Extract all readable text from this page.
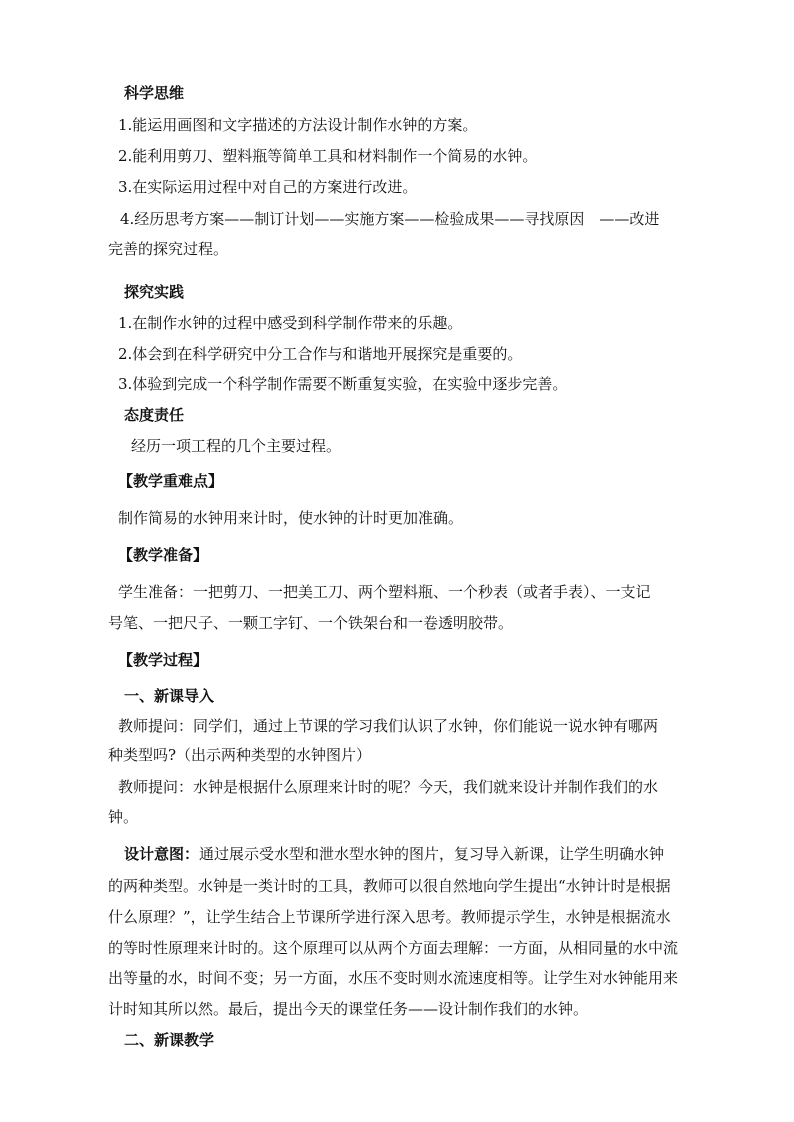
科学思维
1.能运用画图和文字描述的方法设计制作水钟的方案。
2.能利用剪刀、塑料瓶等简单工具和材料制作一个简易的水钟。
3.在实际运用过程中对自己的方案进行改进。
4.经历思考方案——制订计划——实施方案——检验成果——寻找原因　——改进
完善的探究过程。
探究实践
1.在制作水钟的过程中感受到科学制作带来的乐趣。
2.体会到在科学研究中分工合作与和谐地开展探究是重要的。
3.体验到完成一个科学制作需要不断重复实验，在实验中逐步完善。
态度责任
经历一项工程的几个主要过程。
【教学重难点】
制作简易的水钟用来计时，使水钟的计时更加准确。
【教学准备】
学生准备：一把剪刀、一把美工刀、两个塑料瓶、一个秒表（或者手表）、一支记
号笔、一把尺子、一颗工字钉、一个铁架台和一卷透明胶带。
【教学过程】
一、新课导入
教师提问：同学们，通过上节课的学习我们认识了水钟，你们能说一说水钟有哪两
种类型吗?（出示两种类型的水钟图片）
教师提问：水钟是根据什么原理来计时的呢？今天，我们就来设计并制作我们的水
钟。
设计意图：通过展示受水型和泄水型水钟的图片，复习导入新课，让学生明确水钟
的两种类型。水钟是一类计时的工具，教师可以很自然地向学生提出“水钟计时是根据
什么原理？”，让学生结合上节课所学进行深入思考。教师提示学生，水钟是根据流水
的等时性原理来计时的。这个原理可以从两个方面去理解：一方面，从相同量的水中流
出等量的水，时间不变；另一方面，水压不变时则水流速度相等。让学生对水钟能用来
计时知其所以然。最后，提出今天的课堂任务——设计制作我们的水钟。
二、新课教学
